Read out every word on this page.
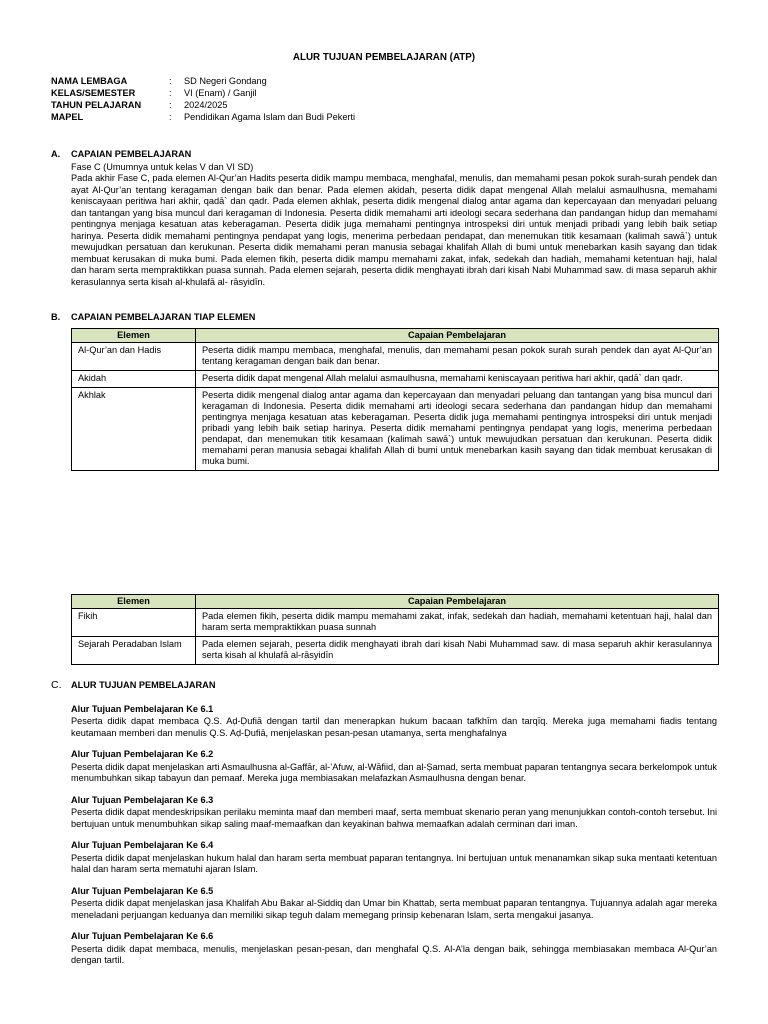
ALUR TUJUAN PEMBELAJARAN (ATP)
NAMA LEMBAGA	:	SD Negeri Gondang
KELAS/SEMESTER	:	VI (Enam) / Ganjil
TAHUN PELAJARAN	:	2024/2025
MAPEL	:	Pendidikan Agama Islam dan Budi Pekerti
A.	CAPAIAN PEMBELAJARAN
Fase C (Umumnya untuk kelas V dan VI SD)
Pada akhir Fase C, pada elemen Al-Qur’an Hadits peserta didik mampu membaca, menghafal, menulis, dan memahami pesan pokok surah-surah pendek dan ayat Al-Qur’an tentang keragaman dengan baik dan benar. Pada elemen akidah, peserta didik dapat mengenal Allah melalui asmaulhusna, memahami keniscayaan peritiwa hari akhir, qadā` dan qadr. Pada elemen akhlak, peserta didik mengenal dialog antar agama dan kepercayaan dan menyadari peluang dan tantangan yang bisa muncul dari keragaman di Indonesia. Peserta didik memahami arti ideologi secara sederhana dan pandangan hidup dan memahami pentingnya menjaga kesatuan atas keberagaman. Peserta didik juga memahami pentingnya introspeksi diri untuk menjadi pribadi yang lebih baik setiap harinya. Peserta didik memahami pentingnya pendapat yang logis, menerima perbedaan pendapat, dan menemukan titik kesamaan (kalimah sawā`) untuk mewujudkan persatuan dan kerukunan. Peserta didik memahami peran manusia sebagai khalifah Allah di bumi untuk menebarkan kasih sayang dan tidak membuat kerusakan di muka bumi. Pada elemen fikih, peserta didik mampu memahami zakat, infak, sedekah dan hadiah, memahami ketentuan haji, halal dan haram serta mempraktikkan puasa sunnah. Pada elemen sejarah, peserta didik menghayati ibrah dari kisah Nabi Muhammad saw. di masa separuh akhir kerasulannya serta kisah al-khulafā al- rāsyidīn.
B.	CAPAIAN PEMBELAJARAN TIAP ELEMEN
Elemen	Capaian Pembelajaran
Al-Qur’an dan Hadis	Peserta didik mampu membaca, menghafal, menulis, dan memahami pesan pokok surah surah pendek dan ayat Al-Qur’an tentang keragaman dengan baik dan benar.
Akidah	Peserta didik dapat mengenal Allah melalui asmaulhusna, memahami keniscayaan peritiwa hari akhir, qadā` dan qadr.
Akhlak	Peserta didik mengenal dialog antar agama dan kepercayaan dan menyadari peluang dan tantangan yang bisa muncul dari keragaman di Indonesia. Peserta didik memahami arti ideologi secara sederhana dan pandangan hidup dan memahami pentingnya menjaga kesatuan atas keberagaman. Peserta didik juga memahami pentingnya introspeksi diri untuk menjadi pribadi yang lebih baik setiap harinya. Peserta didik memahami pentingnya pendapat yang logis, menerima perbedaan pendapat, dan menemukan titik kesamaan (kalimah sawā`) untuk mewujudkan persatuan dan kerukunan. Peserta didik memahami peran manusia sebagai khalifah Allah di bumi untuk menebarkan kasih sayang dan tidak membuat kerusakan di muka bumi.
Elemen	Capaian Pembelajaran
Fikih	Pada elemen fikih, peserta didik mampu memahami zakat, infak, sedekah dan hadiah, memahami ketentuan haji, halal dan haram serta mempraktikkan puasa sunnah
Sejarah Peradaban Islam	Pada elemen sejarah, peserta didik menghayati ibrah dari kisah Nabi Muhammad saw. di masa separuh akhir kerasulannya serta kisah al khulafā al-rāsyidīn
C.	ALUR TUJUAN PEMBELAJARAN
Alur Tujuan Pembelajaran Ke 6.1
Peserta didik dapat membaca Q.S. Aḍ-Ḍufiā dengan tartil dan menerapkan hukum bacaan tafkhīm dan tarqīq. Mereka juga memahami fiadis tentang keutamaan memberi dan menulis Q.S. Aḍ-Ḍufiā, menjelaskan pesan-pesan utamanya, serta menghafalnya
Alur Tujuan Pembelajaran Ke 6.2
Peserta didik dapat menjelaskan arti Asmaulhusna al-Gaffār, al-’Afuw, al-Wāfiid, dan al-Ṣamad, serta membuat paparan tentangnya secara berkelompok untuk menumbuhkan sikap tabayun dan pemaaf. Mereka juga membiasakan melafazkan Asmaulhusna dengan benar.
Alur Tujuan Pembelajaran Ke 6.3
Peserta didik dapat mendeskripsikan perilaku meminta maaf dan memberi maaf, serta membuat skenario peran yang menunjukkan contoh-contoh tersebut. Ini bertujuan untuk menumbuhkan sikap saling maaf-memaafkan dan keyakinan bahwa memaafkan adalah cerminan dari iman.
Alur Tujuan Pembelajaran Ke 6.4
Peserta didik dapat menjelaskan hukum halal dan haram serta membuat paparan tentangnya. Ini bertujuan untuk menanamkan sikap suka mentaati ketentuan halal dan haram serta mematuhi ajaran Islam.
Alur Tujuan Pembelajaran Ke 6.5
Peserta didik dapat menjelaskan jasa Khalifah Abu Bakar al-Ṣiddiq dan Umar bin Khattab, serta membuat paparan tentangnya. Tujuannya adalah agar mereka meneladani perjuangan keduanya dan memiliki sikap teguh dalam memegang prinsip kebenaran Islam, serta mengakui jasanya.
Alur Tujuan Pembelajaran Ke 6.6
Peserta didik dapat membaca, menulis, menjelaskan pesan-pesan, dan menghafal Q.S. Al-A’la dengan baik, sehingga membiasakan membaca Al-Qur’an dengan tartil.
